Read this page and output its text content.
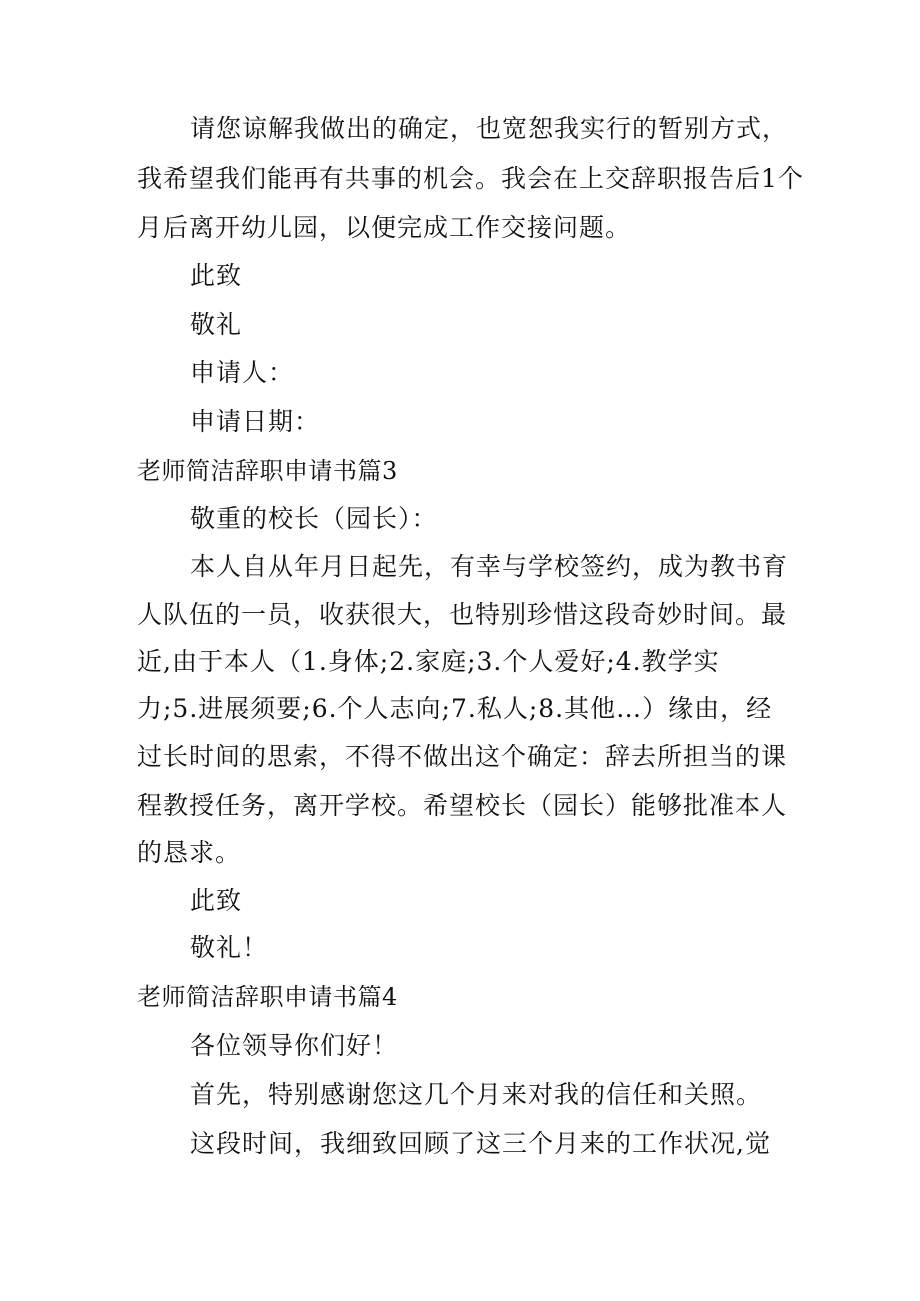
请您谅解我做出的确定，也宽恕我实行的暂别方式，
我希望我们能再有共事的机会。我会在上交辞职报告后1个
月后离开幼儿园，以便完成工作交接问题。
此致
敬礼
申请人：
申请日期：
老师简洁辞职申请书篇3
敬重的校长（园长）：
本人自从年月日起先，有幸与学校签约，成为教书育
人队伍的一员，收获很大，也特别珍惜这段奇妙时间。最
近,由于本人（1.身体;2.家庭;3.个人爱好;4.教学实
力;5.进展须要;6.个人志向;7.私人;8.其他…）缘由，经
过长时间的思索，不得不做出这个确定：辞去所担当的课
程教授任务，离开学校。希望校长（园长）能够批准本人
的恳求。
此致
敬礼！
老师简洁辞职申请书篇4
各位领导你们好！
首先，特别感谢您这几个月来对我的信任和关照。
这段时间，我细致回顾了这三个月来的工作状况,觉
